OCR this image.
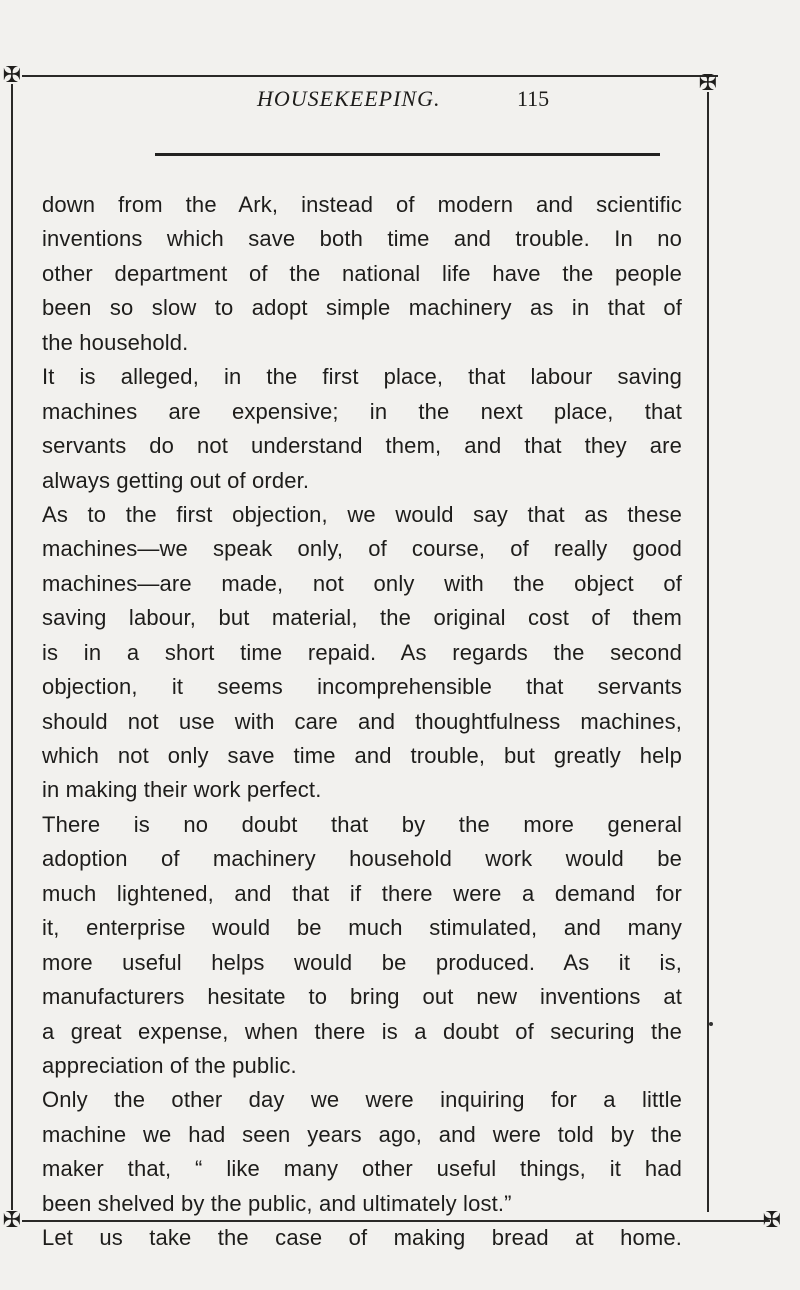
✠	✠
✠	✠
HOUSEKEEPING.	115
down from the Ark, instead of modern and scientific
inventions which save both time and trouble. In no
other department of the national life have the people
been so slow to adopt simple machinery as in that of
the household.
It is alleged, in the first place, that labour saving
machines are expensive; in the next place, that
servants do not understand them, and that they are
always getting out of order.
As to the first objection, we would say that as these
machines—we speak only, of course, of really good
machines—are made, not only with the object of
saving labour, but material, the original cost of them
is in a short time repaid. As regards the second
objection, it seems incomprehensible that servants
should not use with care and thoughtfulness machines,
which not only save time and trouble, but greatly help
in making their work perfect.
There is no doubt that by the more general
adoption of machinery household work would be
much lightened, and that if there were a demand for
it, enterprise would be much stimulated, and many
more useful helps would be produced. As it is,
manufacturers hesitate to bring out new inventions at
a great expense, when there is a doubt of securing the
appreciation of the public.
Only the other day we were inquiring for a little
machine we had seen years ago, and were told by the
maker that, “ like many other useful things, it had
been shelved by the public, and ultimately lost.”
Let us take the case of making bread at home.
